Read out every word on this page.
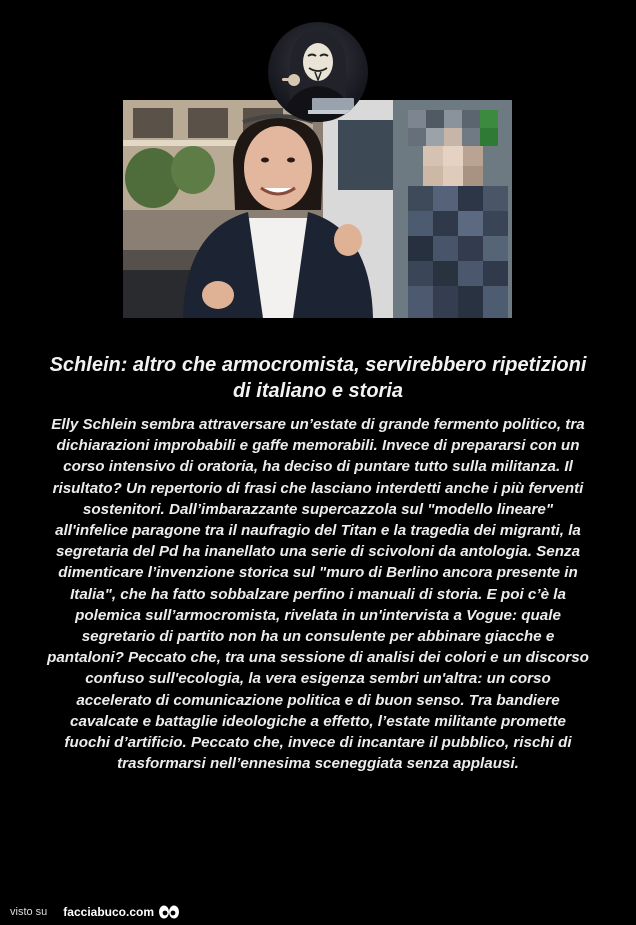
Schlein: altro che armocromista, servirebbero ripetizioni di italiano e storia

Elly Schlein sembra attraversare un’estate di grande fermento politico, tra dichiarazioni improbabili e gaffe memorabili. Invece di prepararsi con un corso intensivo di oratoria, ha deciso di puntare tutto sulla militanza. Il risultato? Un repertorio di frasi che lasciano interdetti anche i più ferventi sostenitori. Dall’imbarazzante supercazzola sul "modello lineare" all'infelice paragone tra il naufragio del Titan e la tragedia dei migranti, la segretaria del Pd ha inanellato una serie di scivoloni da antologia. Senza dimenticare l’invenzione storica sul "muro di Berlino ancora presente in Italia", che ha fatto sobbalzare perfino i manuali di storia. E poi c’è la polemica sull’armocromista, rivelata in un'intervista a Vogue: quale segretario di partito non ha un consulente per abbinare giacche e pantaloni? Peccato che, tra una sessione di analisi dei colori e un discorso confuso sull'ecologia, la vera esigenza sembri un'altra: un corso accelerato di comunicazione politica e di buon senso. Tra bandiere cavalcate e battaglie ideologiche a effetto, l’estate militante promette fuochi d’artificio. Peccato che, invece di incantare il pubblico, rischi di trasformarsi nell’ennesima sceneggiata senza applausi.

visto su facciabuco.com
